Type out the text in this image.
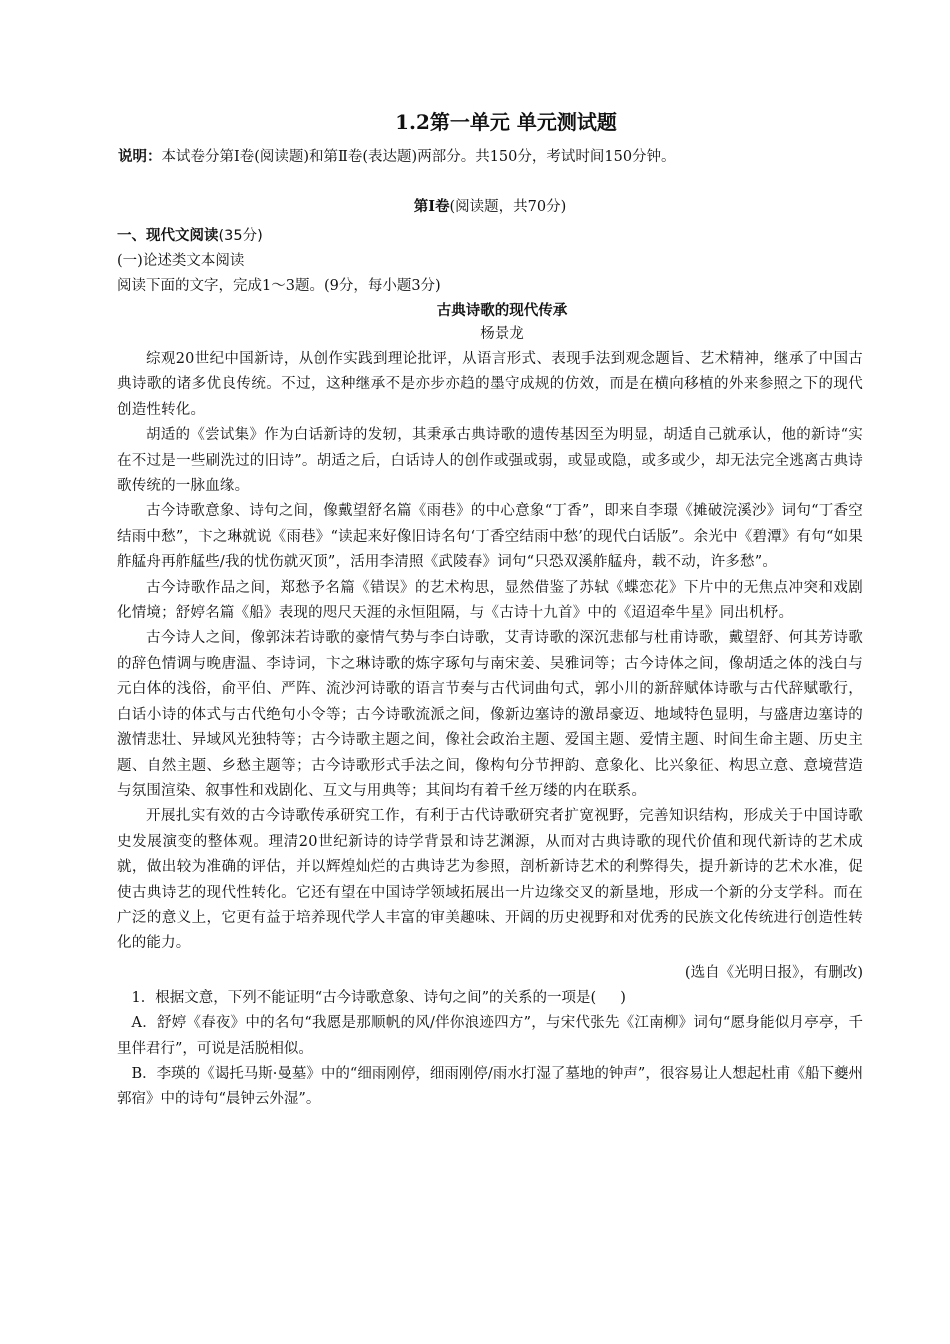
1.2第一单元 单元测试题

说明：本试卷分第Ⅰ卷(阅读题)和第Ⅱ卷(表达题)两部分。共150分，考试时间150分钟。

第Ⅰ卷(阅读题，共70分)

一、现代文阅读(35分)

(一)论述类文本阅读

阅读下面的文字，完成1～3题。(9分，每小题3分)

古典诗歌的现代传承

杨景龙

综观20世纪中国新诗，从创作实践到理论批评，从语言形式、表现手法到观念题旨、艺术精神，继承了中国古典诗歌的诸多优良传统。不过，这种继承不是亦步亦趋的墨守成规的仿效，而是在横向移植的外来参照之下的现代创造性转化。

胡适的《尝试集》作为白话新诗的发轫，其秉承古典诗歌的遗传基因至为明显，胡适自己就承认，他的新诗“实在不过是一些刷洗过的旧诗”。胡适之后，白话诗人的创作或强或弱，或显或隐，或多或少，却无法完全逃离古典诗歌传统的一脉血缘。

古今诗歌意象、诗句之间，像戴望舒名篇《雨巷》的中心意象“丁香”，即来自李璟《摊破浣溪沙》词句“丁香空结雨中愁”，卞之琳就说《雨巷》“读起来好像旧诗名句‘丁香空结雨中愁’的现代白话版”。余光中《碧潭》有句“如果舴艋舟再舴艋些/我的忧伤就灭顶”，活用李清照《武陵春》词句“只恐双溪舴艋舟，载不动，许多愁”。

古今诗歌作品之间，郑愁予名篇《错误》的艺术构思，显然借鉴了苏轼《蝶恋花》下片中的无焦点冲突和戏剧化情境；舒婷名篇《船》表现的咫尺天涯的永恒阻隔，与《古诗十九首》中的《迢迢牵牛星》同出机杼。

古今诗人之间，像郭沫若诗歌的豪情气势与李白诗歌，艾青诗歌的深沉悲郁与杜甫诗歌，戴望舒、何其芳诗歌的辞色情调与晚唐温、李诗词，卞之琳诗歌的炼字琢句与南宋姜、吴雅词等；古今诗体之间，像胡适之体的浅白与元白体的浅俗，俞平伯、严阵、流沙河诗歌的语言节奏与古代词曲句式，郭小川的新辞赋体诗歌与古代辞赋歌行，白话小诗的体式与古代绝句小令等；古今诗歌流派之间，像新边塞诗的激昂豪迈、地域特色显明，与盛唐边塞诗的激情悲壮、异域风光独特等；古今诗歌主题之间，像社会政治主题、爱国主题、爱情主题、时间生命主题、历史主题、自然主题、乡愁主题等；古今诗歌形式手法之间，像构句分节押韵、意象化、比兴象征、构思立意、意境营造与氛围渲染、叙事性和戏剧化、互文与用典等；其间均有着千丝万缕的内在联系。

开展扎实有效的古今诗歌传承研究工作，有利于古代诗歌研究者扩宽视野，完善知识结构，形成关于中国诗歌史发展演变的整体观。理清20世纪新诗的诗学背景和诗艺渊源，从而对古典诗歌的现代价值和现代新诗的艺术成就，做出较为准确的评估，并以辉煌灿烂的古典诗艺为参照，剖析新诗艺术的利弊得失，提升新诗的艺术水准，促使古典诗艺的现代性转化。它还有望在中国诗学领域拓展出一片边缘交叉的新垦地，形成一个新的分支学科。而在广泛的意义上，它更有益于培养现代学人丰富的审美趣味、开阔的历史视野和对优秀的民族文化传统进行创造性转化的能力。

(选自《光明日报》，有删改)

1．根据文意，下列不能证明“古今诗歌意象、诗句之间”的关系的一项是( )

A．舒婷《春夜》中的名句“我愿是那顺帆的风/伴你浪迹四方”，与宋代张先《江南柳》词句“愿身能似月亭亭，千里伴君行”，可说是活脱相似。

B．李瑛的《谒托马斯·曼墓》中的“细雨刚停，细雨刚停/雨水打湿了墓地的钟声”，很容易让人想起杜甫《船下夔州郭宿》中的诗句“晨钟云外湿”。
